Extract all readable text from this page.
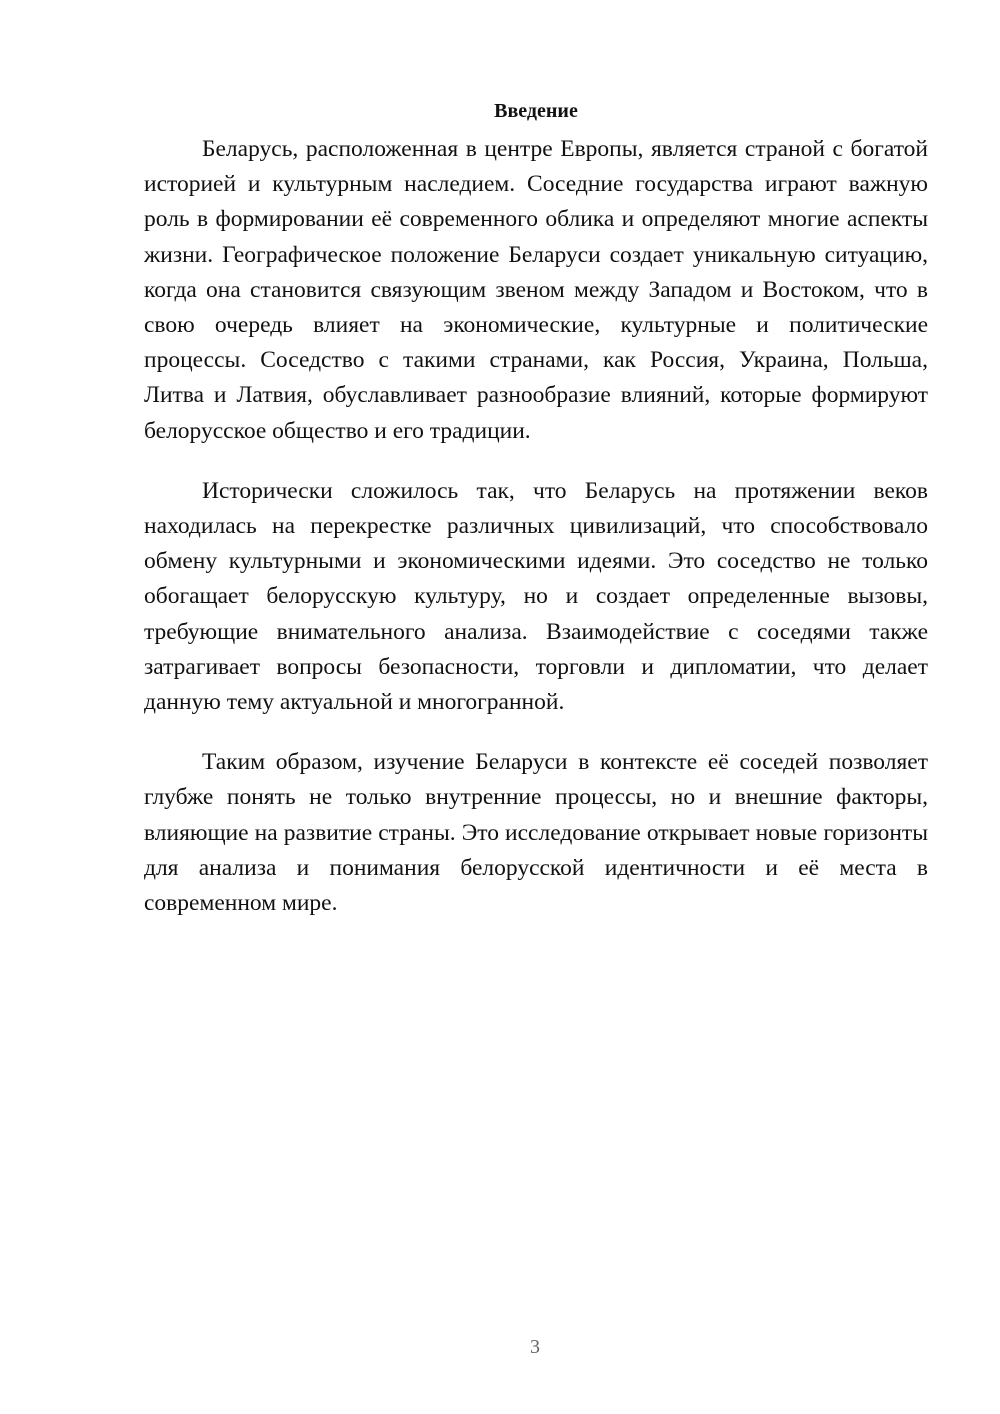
Введение

Беларусь, расположенная в центре Европы, является страной с богатой историей и культурным наследием. Соседние государства играют важную роль в формировании её современного облика и определяют многие аспекты жизни. Географическое положение Беларуси создает уникальную ситуацию, когда она становится связующим звеном между Западом и Востоком, что в свою очередь влияет на экономические, культурные и политические процессы. Соседство с такими странами, как Россия, Украина, Польша, Литва и Латвия, обуславливает разнообразие влияний, которые формируют белорусское общество и его традиции.

Исторически сложилось так, что Беларусь на протяжении веков находилась на перекрестке различных цивилизаций, что способствовало обмену культурными и экономическими идеями. Это соседство не только обогащает белорусскую культуру, но и создает определенные вызовы, требующие внимательного анализа. Взаимодействие с соседями также затрагивает вопросы безопасности, торговли и дипломатии, что делает данную тему актуальной и многогранной.

Таким образом, изучение Беларуси в контексте её соседей позволяет глубже понять не только внутренние процессы, но и внешние факторы, влияющие на развитие страны. Это исследование открывает новые горизонты для анализа и понимания белорусской идентичности и её места в современном мире.

3
